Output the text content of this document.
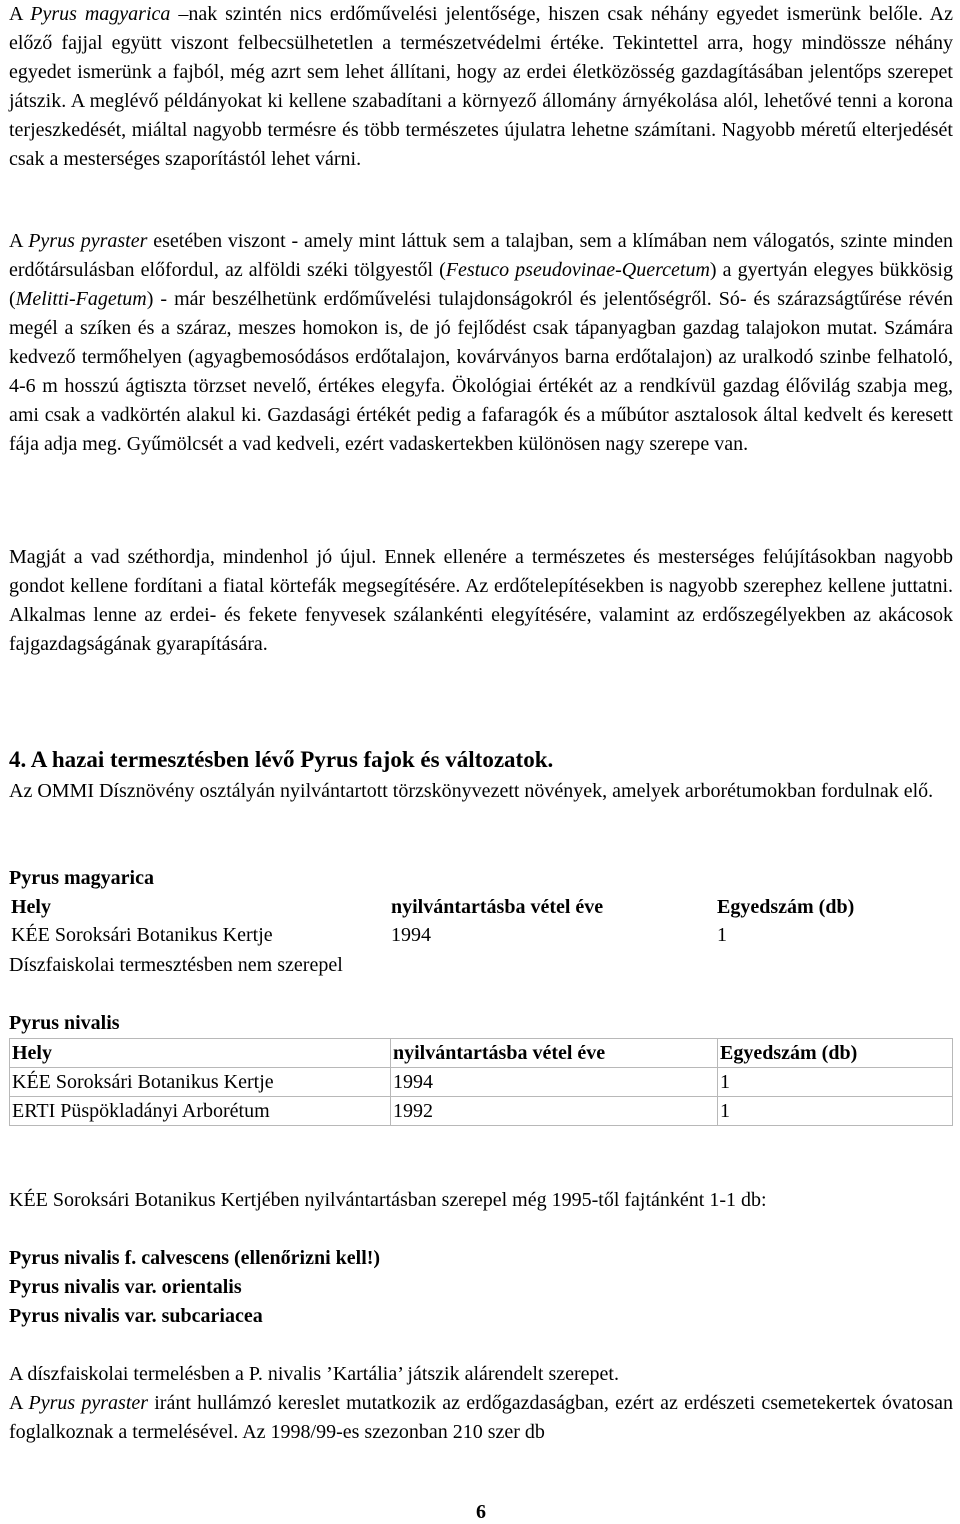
A Pyrus magyarica –nak szintén nics erdőművelési jelentősége, hiszen csak néhány egyedet ismerünk belőle. Az előző fajjal együtt viszont felbecsülhetetlen a természetvédelmi értéke. Tekintettel arra, hogy mindössze néhány egyedet ismerünk a fajból, még azrt sem lehet állítani, hogy az erdei életközösség gazdagításában jelentőps szerepet játszik. A meglévő példányokat ki kellene szabadítani a környező állomány árnyékolása alól, lehetővé tenni a korona terjeszkedését, miáltal nagyobb termésre és több természetes újulatra lehetne számítani. Nagyobb méretű elterjedését csak a mesterséges szaporítástól lehet várni.

A Pyrus pyraster esetében viszont - amely mint láttuk sem a talajban, sem a klímában nem válogatós, szinte minden erdőtársulásban előfordul, az alföldi széki tölgyestől (Festuco pseudovinae-Quercetum) a gyertyán elegyes bükkösig (Melitti-Fagetum) - már beszélhetünk erdőművelési tulajdonságokról és jelentőségről. Só- és szárazságtűrése révén megél a szíken és a száraz, meszes homokon is, de jó fejlődést csak tápanyagban gazdag talajokon mutat. Számára kedvező termőhelyen (agyagbemosódásos erdőtalajon, kovárványos barna erdőtalajon) az uralkodó szinbe felhatoló, 4-6 m hosszú ágtiszta törzset nevelő, értékes elegyfa. Ökológiai értékét az a rendkívül gazdag élővilág szabja meg, ami csak a vadkörtén alakul ki. Gazdasági értékét pedig a fafaragók és a műbútor asztalosok által kedvelt és keresett fája adja meg. Gyűmölcsét a vad kedveli, ezért vadaskertekben különösen nagy szerepe van.

Magját a vad széthordja, mindenhol jó újul. Ennek ellenére a természetes és mesterséges felújításokban nagyobb gondot kellene fordítani a fiatal körtefák megsegítésére. Az erdőtelepítésekben is nagyobb szerephez kellene juttatni. Alkalmas lenne az erdei- és fekete fenyvesek szálankénti elegyítésére, valamint az erdőszegélyekben az akácosok fajgazdagságának gyarapítására.

4. A hazai termesztésben lévő Pyrus fajok és változatok.

Az OMMI Dísznövény osztályán nyilvántartott törzskönyvezett növények, amelyek arborétumokban fordulnak elő.

Pyrus magyarica
Hely	nyilvántartásba vétel éve	Egyedszám (db)
KÉE Soroksári Botanikus Kertje	1994	1
Díszfaiskolai termesztésben nem szerepel
Pyrus nivalis
Hely	nyilvántartásba vétel éve	Egyedszám (db)
KÉE Soroksári Botanikus Kertje	1994	1
ERTI Püspökladányi Arborétum	1992	1

KÉE Soroksári Botanikus Kertjében nyilvántartásban szerepel még 1995-től fajtánként 1-1 db:

Pyrus nivalis f. calvescens (ellenőrizni kell!)
Pyrus nivalis var. orientalis
Pyrus nivalis var. subcariacea
A díszfaiskolai termelésben a P. nivalis ’Kartália’ játszik alárendelt szerepet.

A Pyrus pyraster iránt hullámzó kereslet mutatkozik az erdőgazdaságban, ezért az erdészeti csemetekertek óvatosan foglalkoznak a termelésével. Az 1998/99-es szezonban 210 szer db

6
